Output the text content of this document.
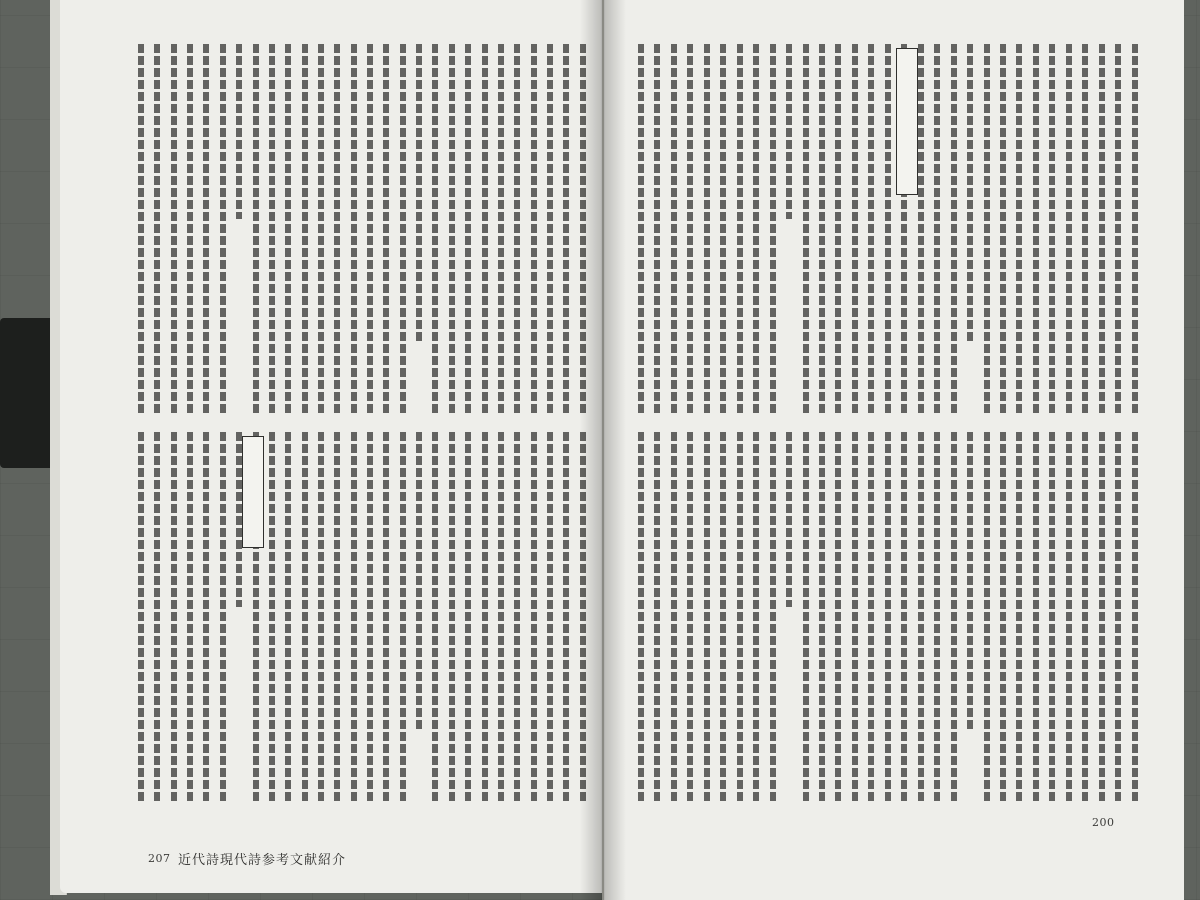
207 近代詩現代詩参考文献紹介
200
